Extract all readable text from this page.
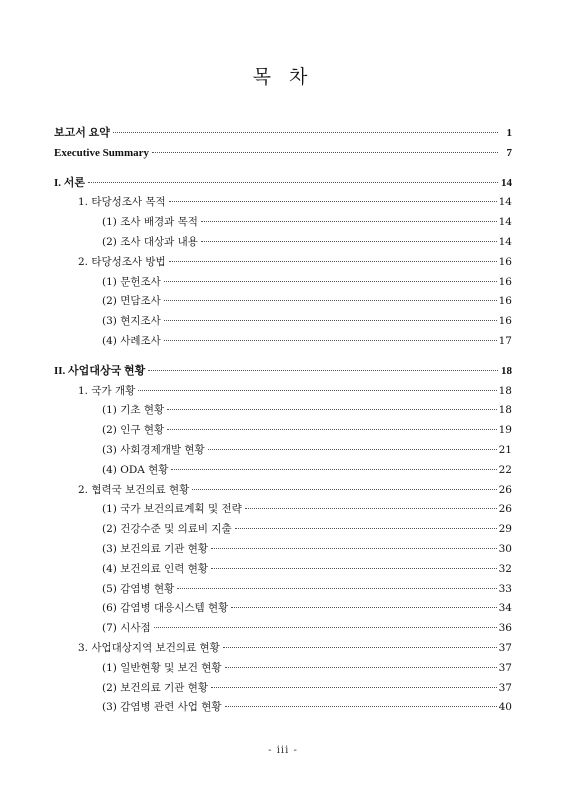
목 차
보고서 요약	1
Executive Summary	7
I. 서론	14
1. 타당성조사 목적	14
(1) 조사 배경과 목적	14
(2) 조사 대상과 내용	14
2. 타당성조사 방법	16
(1) 문헌조사	16
(2) 면담조사	16
(3) 현지조사	16
(4) 사례조사	17
II. 사업대상국 현황	18
1. 국가 개황	18
(1) 기초 현황	18
(2) 인구 현황	19
(3) 사회경제개발 현황	21
(4) ODA 현황	22
2. 협력국 보건의료 현황	26
(1) 국가 보건의료계획 및 전략	26
(2) 건강수준 및 의료비 지출	29
(3) 보건의료 기관 현황	30
(4) 보건의료 인력 현황	32
(5) 감염병 현황	33
(6) 감염병 대응시스템 현황	34
(7) 시사점	36
3. 사업대상지역 보건의료 현황	37
(1) 일반현황 및 보건 현황	37
(2) 보건의료 기관 현황	37
(3) 감염병 관련 사업 현황	40
- iii -
